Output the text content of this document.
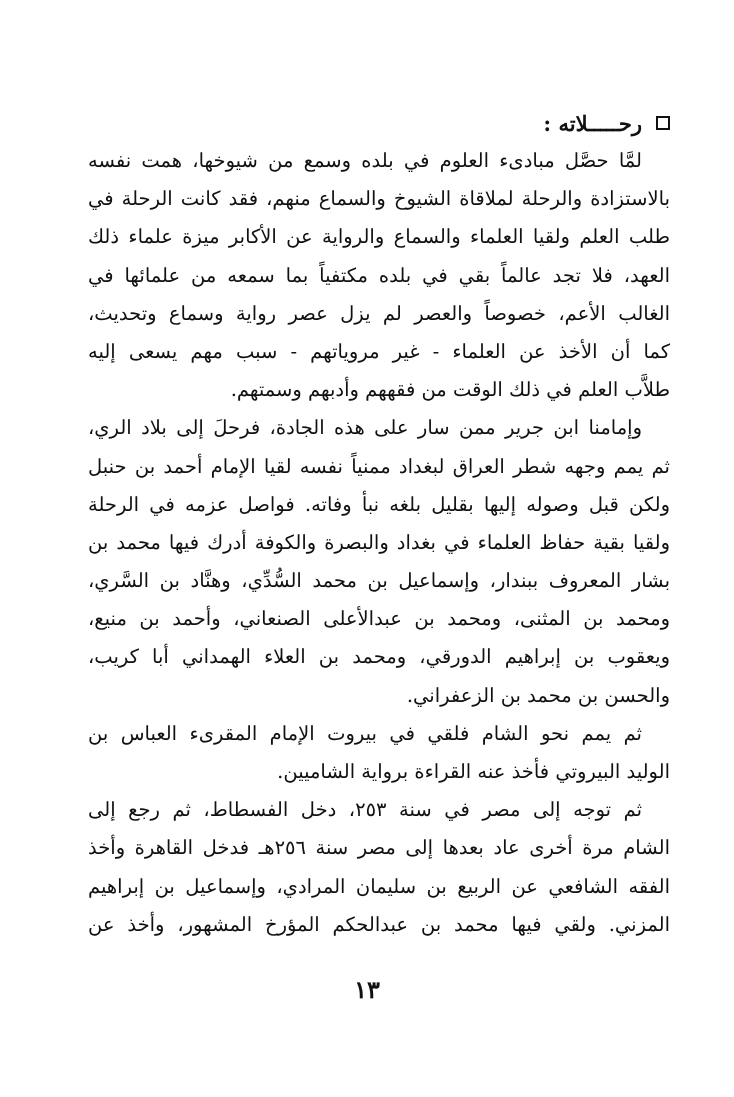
رحـــــلاته :
لمَّا حصَّل مبادىء العلوم في بلده وسمع من شيوخها، همت نفسه
بالاستزادة والرحلة لملاقاة الشيوخ والسماع منهم، فقد كانت الرحلة في
طلب العلم ولقيا العلماء والسماع والرواية عن الأكابر ميزة علماء ذلك
العهد، فلا تجد عالماً بقي في بلده مكتفياً بما سمعه من علمائها في
الغالب الأعم، خصوصاً والعصر لم يزل عصر رواية وسماع وتحديث،
كما أن الأخذ عن العلماء - غير مروياتهم - سبب مهم يسعى إليه
طلاَّب العلم في ذلك الوقت من فقههم وأدبهم وسمتهم.
وإمامنا ابن جرير ممن سار على هذه الجادة، فرحلَ إلى بلاد الري،
ثم يمم وجهه شطر العراق لبغداد ممنياً نفسه لقيا الإمام أحمد بن حنبل
ولكن قبل وصوله إليها بقليل بلغه نبأ وفاته. فواصل عزمه في الرحلة
ولقيا بقية حفاظ العلماء في بغداد والبصرة والكوفة أدرك فيها محمد بن
بشار المعروف ببندار، وإسماعيل بن محمد السُّدِّي، وهنَّاد بن السَّري،
ومحمد بن المثنى، ومحمد بن عبدالأعلى الصنعاني، وأحمد بن منيع،
ويعقوب بن إبراهيم الدورقي، ومحمد بن العلاء الهمداني أبا كريب،
والحسن بن محمد بن الزعفراني.
ثم يمم نحو الشام فلقي في بيروت الإمام المقرىء العباس بن
الوليد البيروتي فأخذ عنه القراءة برواية الشاميين.
ثم توجه إلى مصر في سنة ٢٥٣، دخل الفسطاط، ثم رجع إلى
الشام مرة أخرى عاد بعدها إلى مصر سنة ٢٥٦هـ فدخل القاهرة وأخذ
الفقه الشافعي عن الربيع بن سليمان المرادي، وإسماعيل بن إبراهيم
المزني. ولقي فيها محمد بن عبدالحكم المؤرخ المشهور، وأخذ عن
١٣
